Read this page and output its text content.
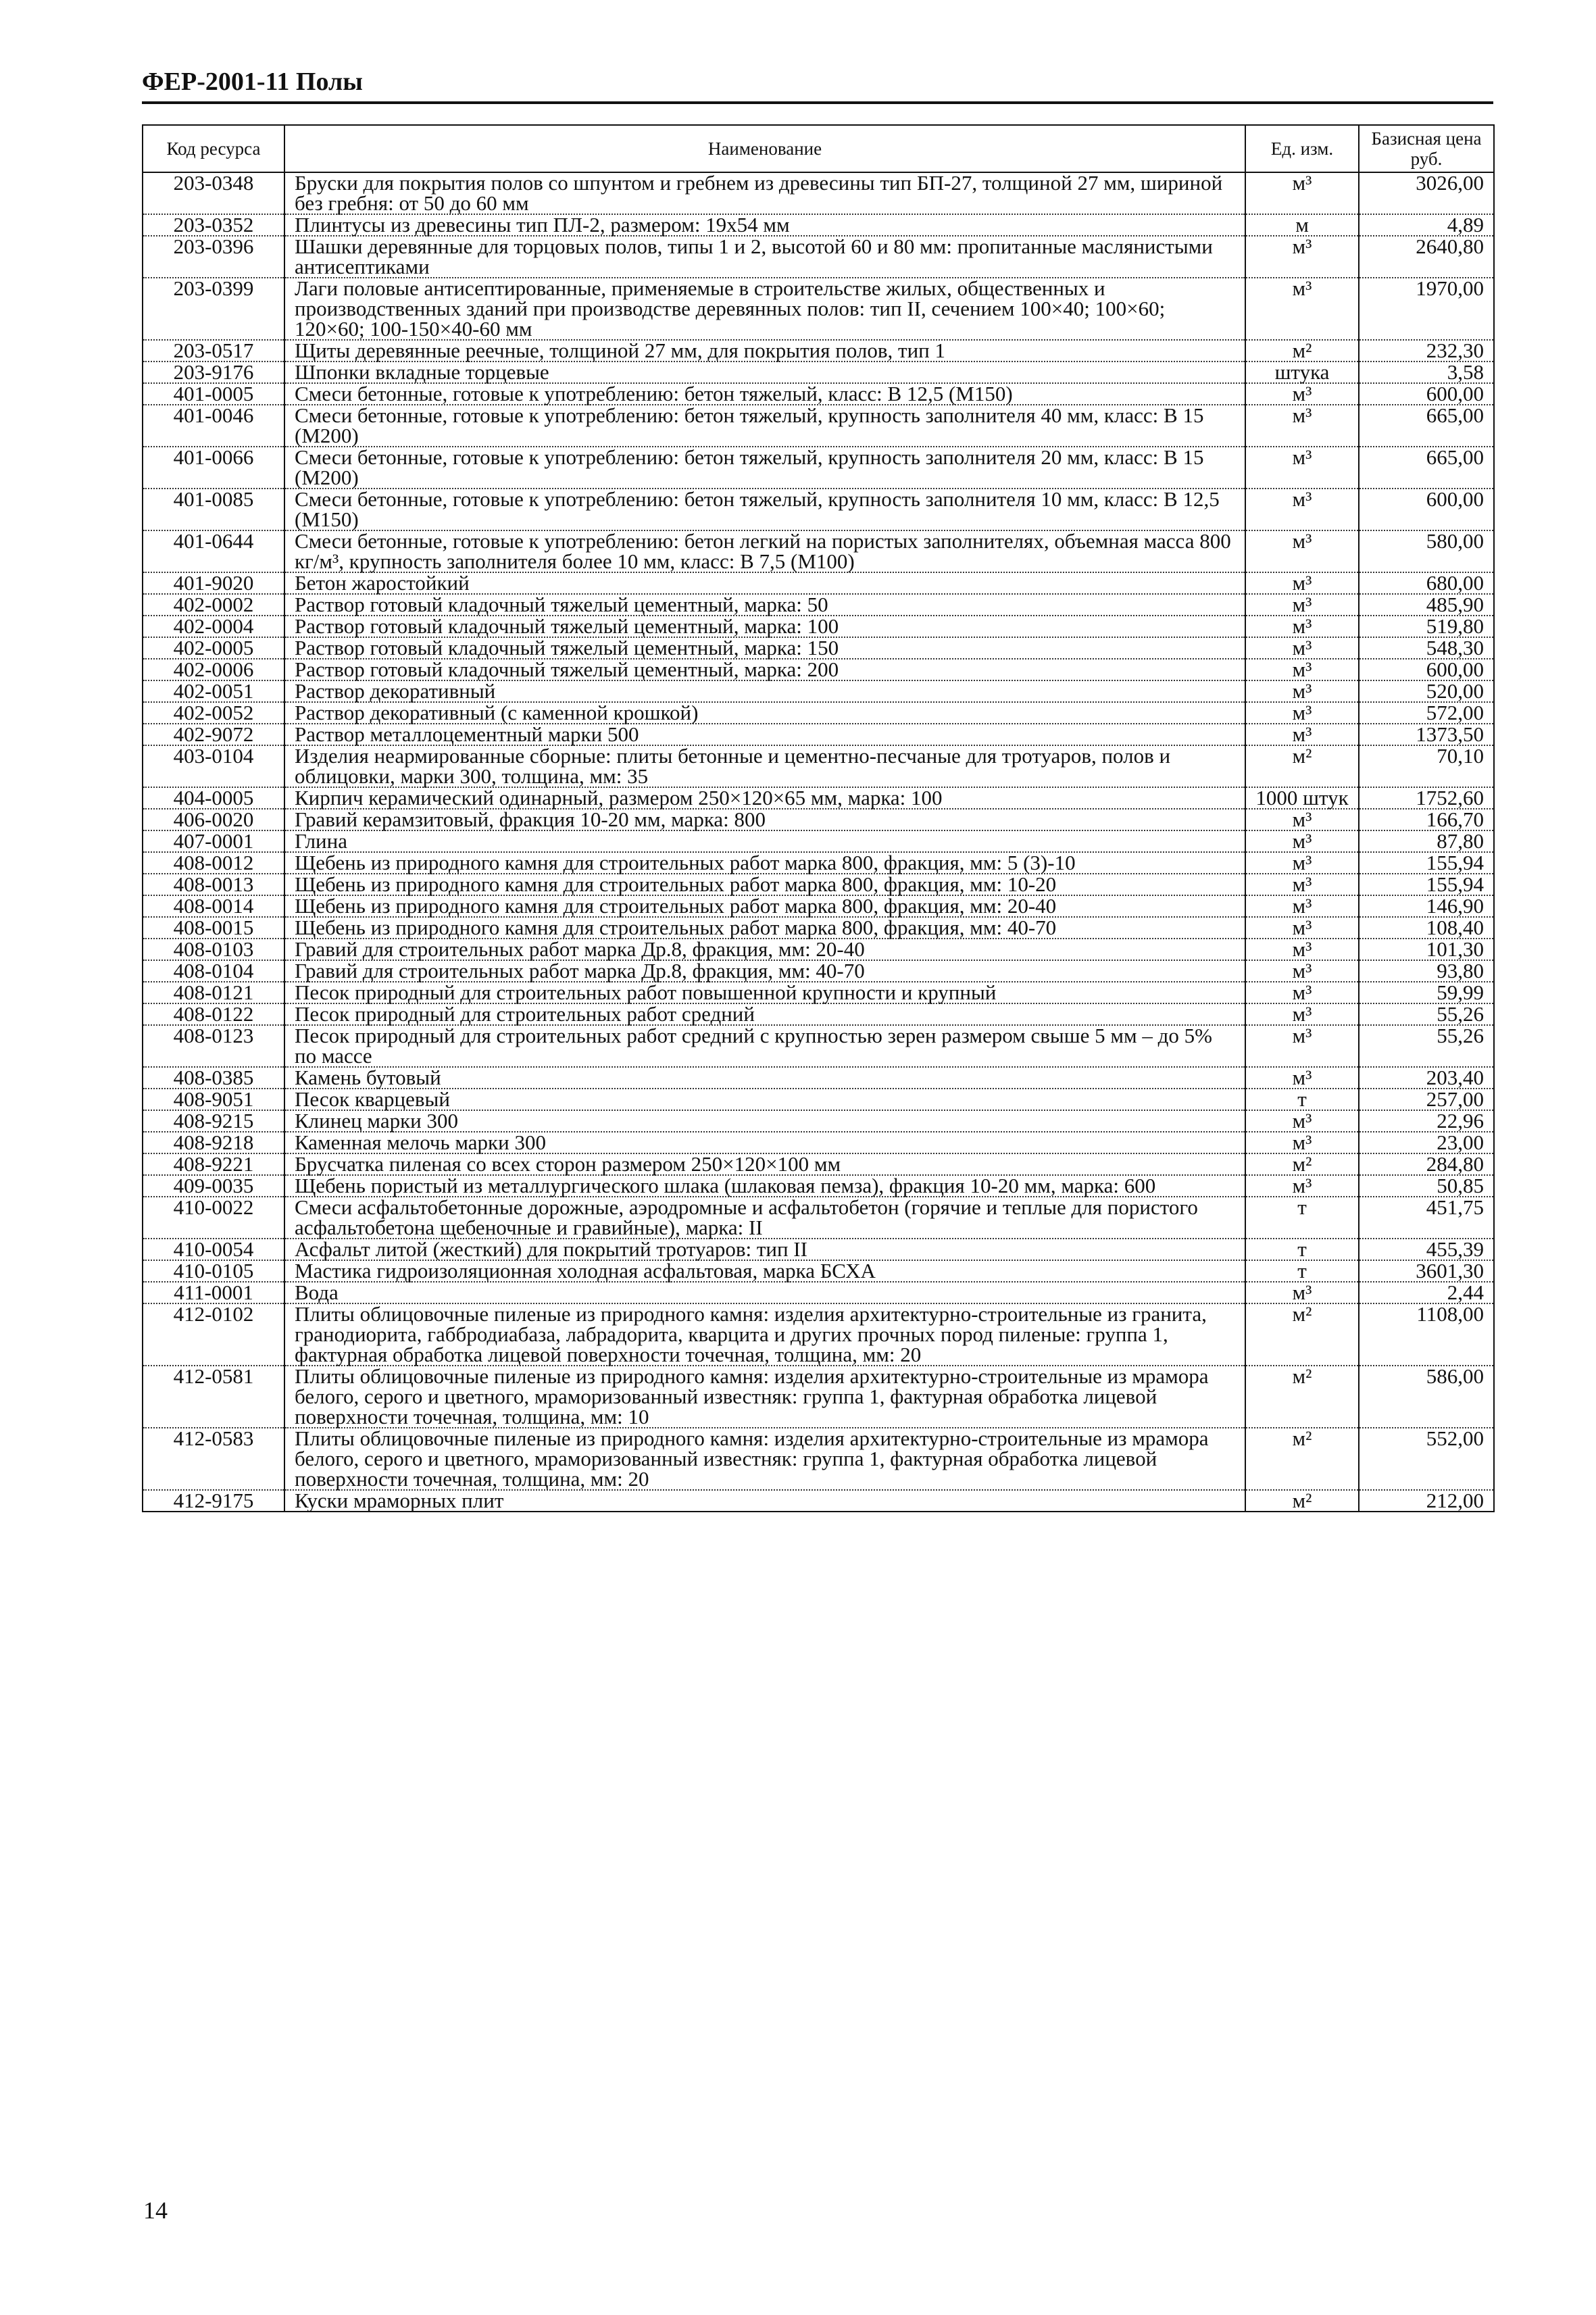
ФЕР-2001-11 Полы
Код ресурса	Наименование	Ед. изм.	Базисная цена руб.
203-0348	Бруски для покрытия полов со шпунтом и гребнем из древесины тип БП-27, толщиной 27 мм, шириной без гребня: от 50 до 60 мм	м³	3026,00
203-0352	Плинтусы из древесины тип ПЛ-2, размером: 19х54 мм	м	4,89
203-0396	Шашки деревянные для торцовых полов, типы 1 и 2, высотой 60 и 80 мм: пропитанные маслянистыми антисептиками	м³	2640,80
203-0399	Лаги половые антисептированные, применяемые в строительстве жилых, общественных и производственных зданий при производстве деревянных полов: тип II, сечением 100×40; 100×60; 120×60; 100-150×40-60 мм	м³	1970,00
203-0517	Щиты деревянные реечные, толщиной 27 мм, для покрытия полов, тип 1	м²	232,30
203-9176	Шпонки вкладные торцевые	штука	3,58
401-0005	Смеси бетонные, готовые к употреблению: бетон тяжелый, класс: В 12,5 (М150)	м³	600,00
401-0046	Смеси бетонные, готовые к употреблению: бетон тяжелый, крупность заполнителя 40 мм, класс: В 15 (М200)	м³	665,00
401-0066	Смеси бетонные, готовые к употреблению: бетон тяжелый, крупность заполнителя 20 мм, класс: В 15 (М200)	м³	665,00
401-0085	Смеси бетонные, готовые к употреблению: бетон тяжелый, крупность заполнителя 10 мм, класс: В 12,5 (М150)	м³	600,00
401-0644	Смеси бетонные, готовые к употреблению: бетон легкий на пористых заполнителях, объемная масса 800 кг/м³, крупность заполнителя более 10 мм, класс: В 7,5 (М100)	м³	580,00
401-9020	Бетон жаростойкий	м³	680,00
402-0002	Раствор готовый кладочный тяжелый цементный, марка: 50	м³	485,90
402-0004	Раствор готовый кладочный тяжелый цементный, марка: 100	м³	519,80
402-0005	Раствор готовый кладочный тяжелый цементный, марка: 150	м³	548,30
402-0006	Раствор готовый кладочный тяжелый цементный, марка: 200	м³	600,00
402-0051	Раствор декоративный	м³	520,00
402-0052	Раствор декоративный (с каменной крошкой)	м³	572,00
402-9072	Раствор металлоцементный марки 500	м³	1373,50
403-0104	Изделия неармированные сборные: плиты бетонные и цементно-песчаные для тротуаров, полов и облицовки, марки 300, толщина, мм: 35	м²	70,10
404-0005	Кирпич керамический одинарный, размером 250×120×65 мм, марка: 100	1000 штук	1752,60
406-0020	Гравий керамзитовый, фракция 10-20 мм, марка: 800	м³	166,70
407-0001	Глина	м³	87,80
408-0012	Щебень из природного камня для строительных работ марка 800, фракция, мм: 5 (3)-10	м³	155,94
408-0013	Щебень из природного камня для строительных работ марка 800, фракция, мм: 10-20	м³	155,94
408-0014	Щебень из природного камня для строительных работ марка 800, фракция, мм: 20-40	м³	146,90
408-0015	Щебень из природного камня для строительных работ марка 800, фракция, мм: 40-70	м³	108,40
408-0103	Гравий для строительных работ марка Др.8, фракция, мм: 20-40	м³	101,30
408-0104	Гравий для строительных работ марка Др.8, фракция, мм: 40-70	м³	93,80
408-0121	Песок природный для строительных работ повышенной крупности и крупный	м³	59,99
408-0122	Песок природный для строительных работ средний	м³	55,26
408-0123	Песок природный для строительных работ средний с крупностью зерен размером свыше 5 мм – до 5% по массе	м³	55,26
408-0385	Камень бутовый	м³	203,40
408-9051	Песок кварцевый	т	257,00
408-9215	Клинец марки 300	м³	22,96
408-9218	Каменная мелочь марки 300	м³	23,00
408-9221	Брусчатка пиленая со всех сторон размером 250×120×100 мм	м²	284,80
409-0035	Щебень пористый из металлургического шлака (шлаковая пемза), фракция 10-20 мм, марка: 600	м³	50,85
410-0022	Смеси асфальтобетонные дорожные, аэродромные и асфальтобетон (горячие и теплые для пористого асфальтобетона щебеночные и гравийные), марка: II	т	451,75
410-0054	Асфальт литой (жесткий) для покрытий тротуаров: тип II	т	455,39
410-0105	Мастика гидроизоляционная холодная асфальтовая, марка БСХА	т	3601,30
411-0001	Вода	м³	2,44
412-0102	Плиты облицовочные пиленые из природного камня: изделия архитектурно-строительные из гранита, гранодиорита, габбродиабаза, лабрадорита, кварцита и других прочных пород пиленые: группа 1, фактурная обработка лицевой поверхности точечная, толщина, мм: 20	м²	1108,00
412-0581	Плиты облицовочные пиленые из природного камня: изделия архитектурно-строительные из мрамора белого, серого и цветного, мраморизованный известняк: группа 1, фактурная обработка лицевой поверхности точечная, толщина, мм: 10	м²	586,00
412-0583	Плиты облицовочные пиленые из природного камня: изделия архитектурно-строительные из мрамора белого, серого и цветного, мраморизованный известняк: группа 1, фактурная обработка лицевой поверхности точечная, толщина, мм: 20	м²	552,00
412-9175	Куски мраморных плит	м²	212,00
14
